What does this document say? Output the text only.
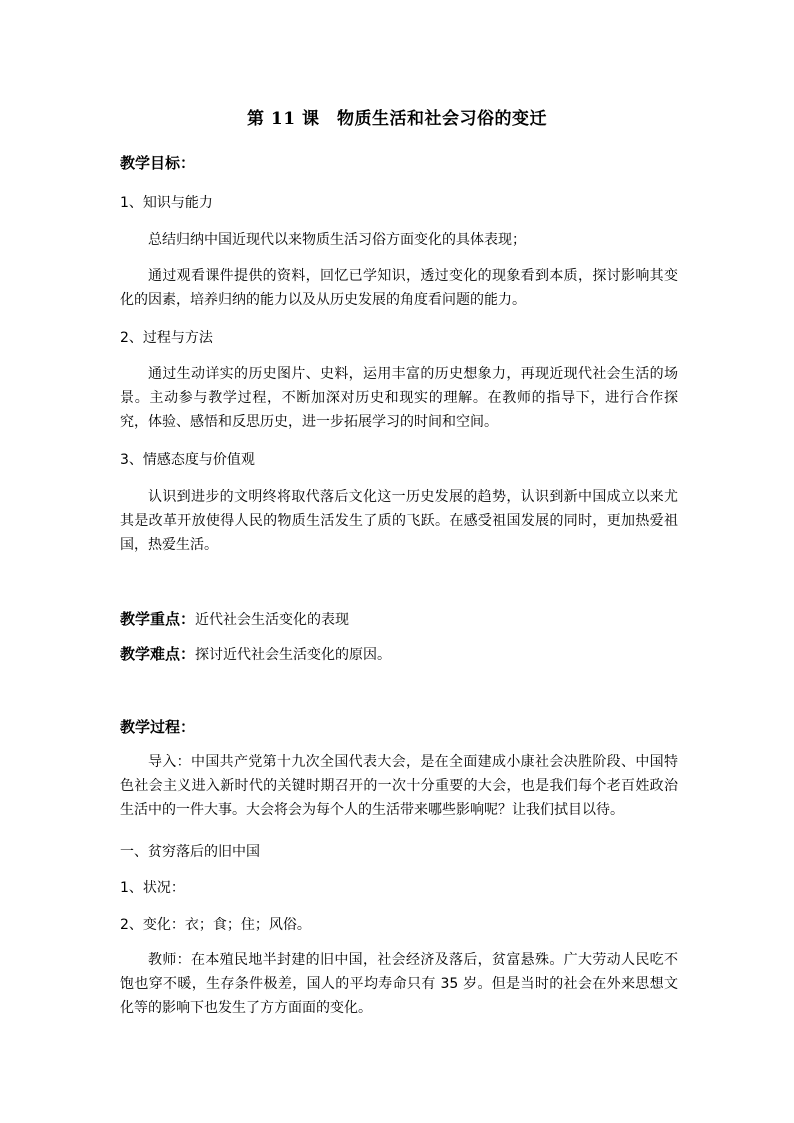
第 11 课　物质生活和社会习俗的变迁
教学目标：
1、知识与能力
总结归纳中国近现代以来物质生活习俗方面变化的具体表现；
通过观看课件提供的资料，回忆已学知识，透过变化的现象看到本质，探讨影响其变化的因素，培养归纳的能力以及从历史发展的角度看问题的能力。
2、过程与方法
通过生动详实的历史图片、史料，运用丰富的历史想象力，再现近现代社会生活的场景。主动参与教学过程，不断加深对历史和现实的理解。在教师的指导下，进行合作探究，体验、感悟和反思历史，进一步拓展学习的时间和空间。
3、情感态度与价值观
认识到进步的文明终将取代落后文化这一历史发展的趋势，认识到新中国成立以来尤其是改革开放使得人民的物质生活发生了质的飞跃。在感受祖国发展的同时，更加热爱祖国，热爱生活。
教学重点：近代社会生活变化的表现
教学难点：探讨近代社会生活变化的原因。
教学过程：
导入：中国共产党第十九次全国代表大会，是在全面建成小康社会决胜阶段、中国特色社会主义进入新时代的关键时期召开的一次十分重要的大会，也是我们每个老百姓政治生活中的一件大事。大会将会为每个人的生活带来哪些影响呢？让我们拭目以待。
一、贫穷落后的旧中国
1、状况：
2、变化：衣；食；住；风俗。
教师：在本殖民地半封建的旧中国，社会经济及落后，贫富悬殊。广大劳动人民吃不饱也穿不暖，生存条件极差，国人的平均寿命只有 35 岁。但是当时的社会在外来思想文化等的影响下也发生了方方面面的变化。
